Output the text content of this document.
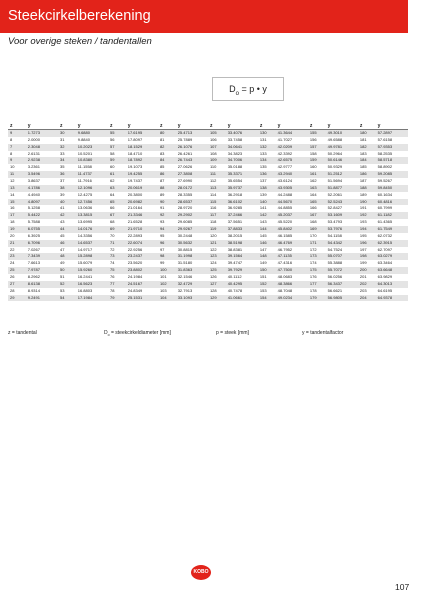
Steekcirkelberekening
Voor overige steken / tandentallen
$D_o = p$ • y
z	y	z	y	z	y	z	y	z	y	z	y	z	y	z	y	
9	1.7273	30	9.6880	55	17.6195	80	25.4713	105	33.4076	130	41.3644	155	49.3010	180	57.2897				
8	2.0000	31	9.8840	56	17.8097	81	25.7889	106	33.7458	131	41.7027	156	49.6588	181	57.6158				
7	2.3048	32	10.2023	57	18.1529	82	26.1076	107	34.0641	132	42.0209	157	49.9781	182	57.9353				
8	2.6131	33	10.5201	58	18.4710	83	26.4261	108	34.3823	133	42.3392	158	50.2964	183	58.2535				
9	2.9238	34	10.8380	59	18.7892	84	26.7443	109	34.7006	134	42.6575	159	50.6146	184	58.5718				
10	3.2361	35	11.1558	60	19.1073	85	27.0626	110	35.0188	135	42.9777	160	50.9329	185	58.8902				
11	3.5496	36	11.4737	61	19.4255	86	27.3808	111	35.3371	136	43.2940	161	51.2512	186	59.2085				
12	3.8637	37	11.7916	62	19.7437	87	27.6990	112	35.6554	137	43.6124	162	51.5694	187	59.5267				
13	4.1786	38	12.1096	63	20.0619	88	28.0172	113	35.9737	138	43.9305	163	51.8877	188	59.8450				
14	4.4940	39	12.4275	64	20.3800	89	28.3355	114	36.2918	139	44.2488	164	52.2061	189	60.1634				
15	4.8097	40	12.7456	65	20.6982	90	28.6537	115	36.6102	140	44.5670	165	52.5243	190	60.4816				
16	5.1258	41	13.0636	66	21.0164	91	28.9720	116	36.9285	141	44.8855	166	52.8427	191	60.7999				
17	5.4422	42	13.3815	67	21.3346	92	29.2902	117	37.2466	142	45.2037	167	53.1609	192	61.1182				
18	5.7588	43	13.6995	68	21.6528	93	29.6085	118	37.5651	143	45.5220	168	53.4793	193	61.4365				
19	6.0755	44	14.0176	69	21.9710	94	29.9267	119	37.8833	144	45.8402	169	53.7976	194	61.7549				
20	6.3925	45	14.3356	70	22.2893	95	30.2448	120	38.2015	145	46.1585	170	54.1158	195	62.0732				
21	6.7096	46	14.6537	71	22.6074	96	30.5632	121	38.5198	146	46.4769	171	54.4342	196	62.3915				
22	7.0267	47	14.9717	72	22.9256	97	30.8815	122	38.8381	147	46.7952	172	54.7524	197	62.7097				
23	7.3439	48	15.2898	73	23.2437	98	31.1998	123	39.1564	148	47.1135	173	55.0707	198	63.0279				
24	7.6613	49	15.6079	74	23.5620	99	31.5180	124	39.4747	149	47.4316	174	55.3888	199	63.3464				
25	7.9787	50	15.9260	75	23.8802	100	31.8363	125	39.7929	150	47.7500	175	55.7072	200	63.6648				
26	8.2962	51	16.2441	76	24.1984	101	32.1546	126	40.1112	151	48.0683	176	56.0256	201	63.9829				
27	8.6138	52	16.5623	77	24.5167	102	32.4729	127	40.4295	152	48.3866	177	56.3437	202	64.3013				
28	8.9314	53	16.8803	78	24.8349	103	32.7913	128	40.7478	153	48.7048	178	56.6621	203	64.6195				
29	9.2491	54	17.1984	79	25.1531	104	33.1093	129	41.0661	154	49.0234	179	56.9805	204	64.9378				
z = tandental	$D_o$ = steekcirkeldiameter [mm]	p = steek [mm]	y = tandentalfactor
KOBO
107
